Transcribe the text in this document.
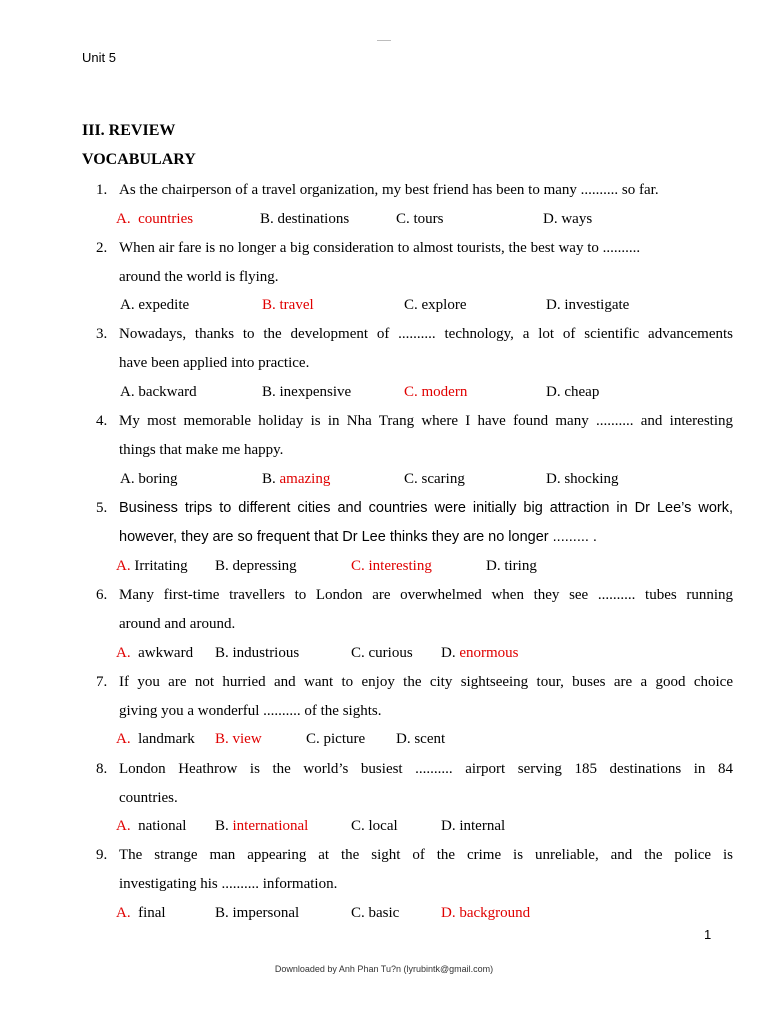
Unit 5
III. REVIEW
VOCABULARY
1. As the chairperson of a travel organization, my best friend has been to many .......... so far.
A. countries	B. destinations	C. tours	D. ways
2. When air fare is no longer a big consideration to almost tourists, the best way to ..........
around the world is flying.
A. expedite	B. travel	C. explore	D. investigate
3. Nowadays, thanks to the development of .......... technology, a lot of scientific advancements
have been applied into practice.
A. backward	B. inexpensive	C. modern	D. cheap
4. My most memorable holiday is in Nha Trang where I have found many .......... and interesting
things that make me happy.
A. boring	B. amazing	C. scaring	D. shocking
5. Business trips to different cities and countries were initially big attraction in Dr Lee’s work,
however, they are so frequent that Dr Lee thinks they are no longer ......... .
A. Irritating B. depressing	C. interesting	D. tiring
6. Many first-time travellers to London are overwhelmed when they see .......... tubes running
around and around.
A. awkward B. industrious	C. curious D. enormous
7. If you are not hurried and want to enjoy the city sightseeing tour, buses are a good choice
giving you a wonderful .......... of the sights.
A. landmark B. view	C. picture D. scent
8. London Heathrow is the world’s busiest .......... airport serving 185 destinations in 84
countries.
A. national B. international	C. local	D. internal
9. The strange man appearing at the sight of the crime is unreliable, and the police is
investigating his .......... information.
A. final	B. impersonal	C. basic	D. background
1
Downloaded by Anh Phan Tu?n (lyrubintk@gmail.com)
